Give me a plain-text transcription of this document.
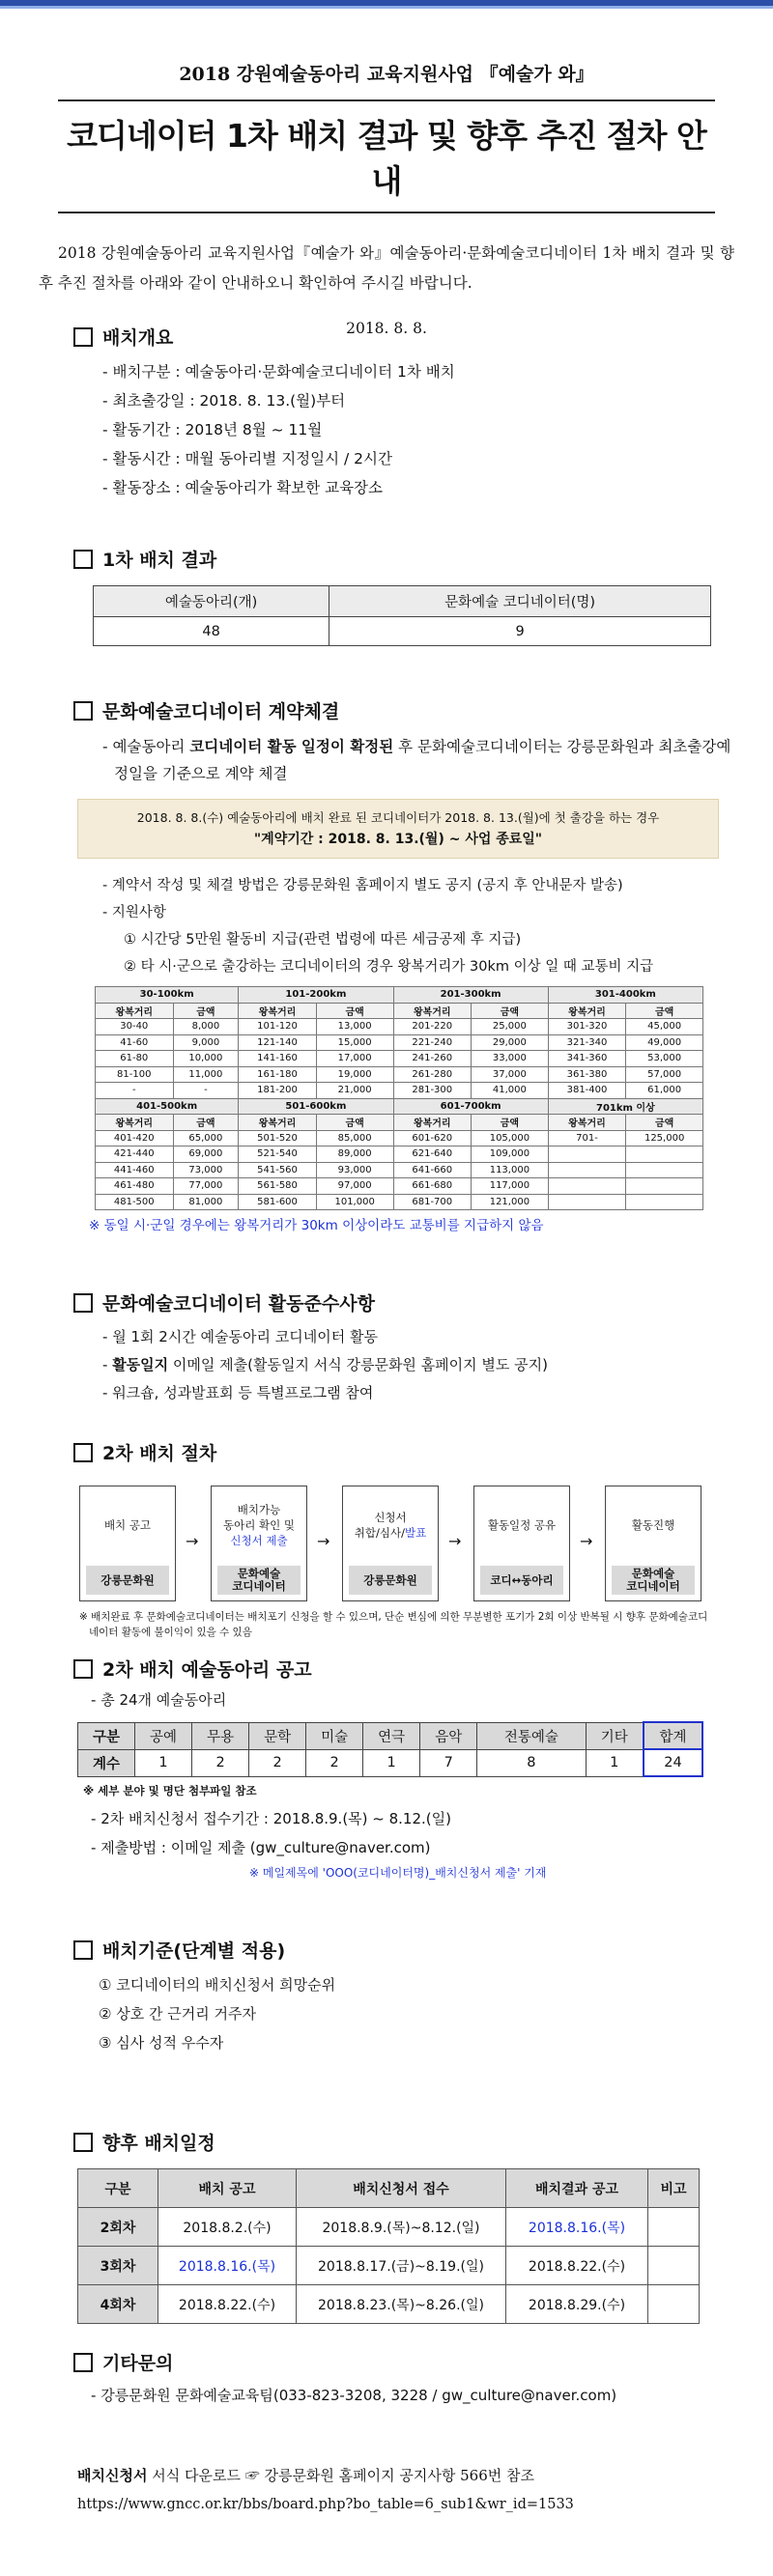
2018 강원예술동아리 교육지원사업 『예술가 와』
코디네이터 1차 배치 결과 및 향후 추진 절차 안내
2018 강원예술동아리 교육지원사업『예술가 와』예술동아리·문화예술코디네이터 1차 배치 결과 및 향후 추진 절차를 아래와 같이 안내하오니 확인하여 주시길 바랍니다.
2018. 8. 8.
배치개요
- 배치구분 : 예술동아리·문화예술코디네이터 1차 배치
- 최초출강일 : 2018. 8. 13.(월)부터
- 활동기간 : 2018년 8월 ~ 11월
- 활동시간 : 매월 동아리별 지정일시 / 2시간
- 활동장소 : 예술동아리가 확보한 교육장소
1차 배치 결과
예술동아리(개)	문화예술 코디네이터(명)
48	9
문화예술코디네이터 계약체결
- 예술동아리 코디네이터 활동 일정이 확정된 후 문화예술코디네이터는 강릉문화원과 최초출강예정일을 기준으로 계약 체결
2018. 8. 8.(수) 예술동아리에 배치 완료 된 코디네이터가 2018. 8. 13.(월)에 첫 출강을 하는 경우
"계약기간 : 2018. 8. 13.(월) ~ 사업 종료일"
- 계약서 작성 및 체결 방법은 강릉문화원 홈페이지 별도 공지 (공지 후 안내문자 발송)
- 지원사항
① 시간당 5만원 활동비 지급(관련 법령에 따른 세금공제 후 지급)
② 타 시·군으로 출강하는 코디네이터의 경우 왕복거리가 30km 이상 일 때 교통비 지급
30-100km		101-200km		201-300km		301-400km	
왕복거리	금액	왕복거리	금액	왕복거리	금액	왕복거리	금액
30-40	8,000	101-120	13,000	201-220	25,000	301-320	45,000
41-60	9,000	121-140	15,000	221-240	29,000	321-340	49,000
61-80	10,000	141-160	17,000	241-260	33,000	341-360	53,000
81-100	11,000	161-180	19,000	261-280	37,000	361-380	57,000
-	-	181-200	21,000	281-300	41,000	381-400	61,000
401-500km		501-600km		601-700km		701km 이상	
왕복거리	금액	왕복거리	금액	왕복거리	금액	왕복거리	금액
401-420	65,000	501-520	85,000	601-620	105,000	701-	125,000
421-440	69,000	521-540	89,000	621-640	109,000		
441-460	73,000	541-560	93,000	641-660	113,000		
461-480	77,000	561-580	97,000	661-680	117,000		
481-500	81,000	581-600	101,000	681-700	121,000		
※ 동일 시·군일 경우에는 왕복거리가 30km 이상이라도 교통비를 지급하지 않음
문화예술코디네이터 활동준수사항
- 월 1회 2시간 예술동아리 코디네이터 활동
- 활동일지 이메일 제출(활동일지 서식 강릉문화원 홈페이지 별도 공지)
- 워크숍, 성과발표회 등 특별프로그램 참여
2차 배치 절차
배치 공고
강릉문화원
→
배치가능
동아리 확인 및
신청서 제출
문화예술
코디네이터
→
신청서
취합/심사/발표
강릉문화원
→
활동일정 공유
코디↔동아리
→
활동진행
문화예술
코디네이터
※ 배치완료 후 문화예술코디네이터는 배치포기 신청을 할 수 있으며, 단순 변심에 의한 무분별한 포기가 2회 이상 반복될 시 향후 문화예술코디네이터 활동에 불이익이 있을 수 있음
2차 배치 예술동아리 공고
- 총 24개 예술동아리
구분	공예	무용	문학	미술	연극	음악	전통예술	기타	합계
계수	1	2	2	2	1	7	8	1	24
※ 세부 분야 및 명단 첨부파일 참조
- 2차 배치신청서 접수기간 : 2018.8.9.(목) ~ 8.12.(일)
- 제출방법 : 이메일 제출 (gw_culture@naver.com)
※ 메일제목에 'OOO(코디네이터명)_배치신청서 제출' 기재
배치기준(단계별 적용)
① 코디네이터의 배치신청서 희망순위
② 상호 간 근거리 거주자
③ 심사 성적 우수자
향후 배치일정
구분	배치 공고	배치신청서 접수	배치결과 공고	비고
2회차	2018.8.2.(수)	2018.8.9.(목)~8.12.(일)	2018.8.16.(목)	
3회차	2018.8.16.(목)	2018.8.17.(금)~8.19.(일)	2018.8.22.(수)	
4회차	2018.8.22.(수)	2018.8.23.(목)~8.26.(일)	2018.8.29.(수)	
기타문의
- 강릉문화원 문화예술교육팀(033-823-3208, 3228 / gw_culture@naver.com)
배치신청서 서식 다운로드 ☞ 강릉문화원 홈페이지 공지사항 566번 참조
https://www.gncc.or.kr/bbs/board.php?bo_table=6_sub1&wr_id=1533
